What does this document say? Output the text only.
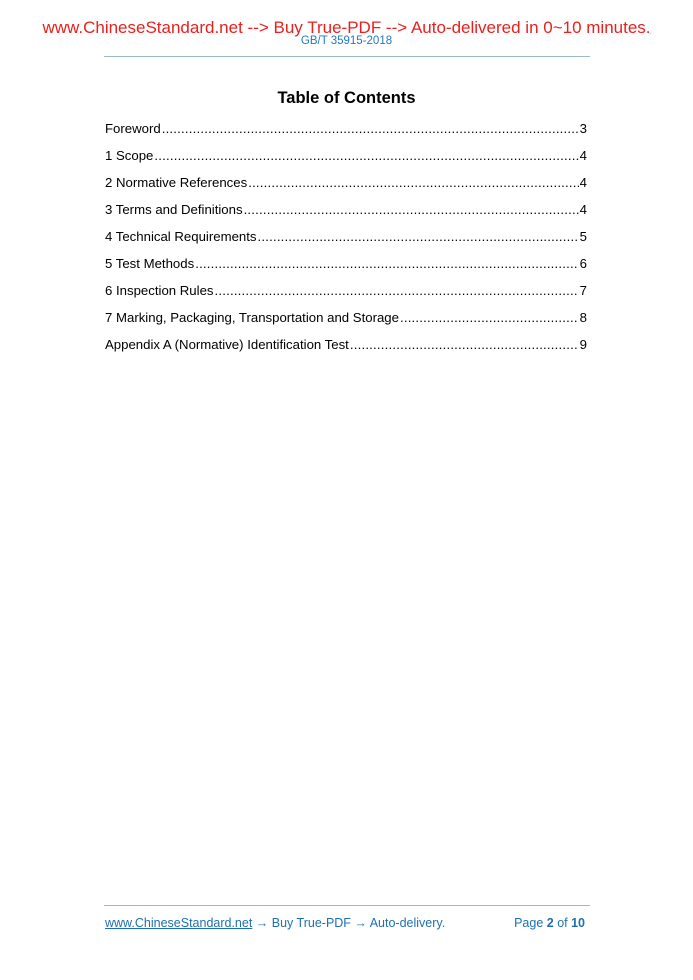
www.ChineseStandard.net --> Buy True-PDF --> Auto-delivered in 0~10 minutes.
GB/T 35915-2018
Table of Contents
Foreword .....	3
1 Scope .....	4
2 Normative References .....	4
3 Terms and Definitions .....	4
4 Technical Requirements .....	5
5 Test Methods .....	6
6 Inspection Rules .....	7
7 Marking, Packaging, Transportation and Storage .....	8
Appendix A (Normative) Identification Test .....	9
www.ChineseStandard.net → Buy True-PDF → Auto-delivery.	Page 2 of 10
